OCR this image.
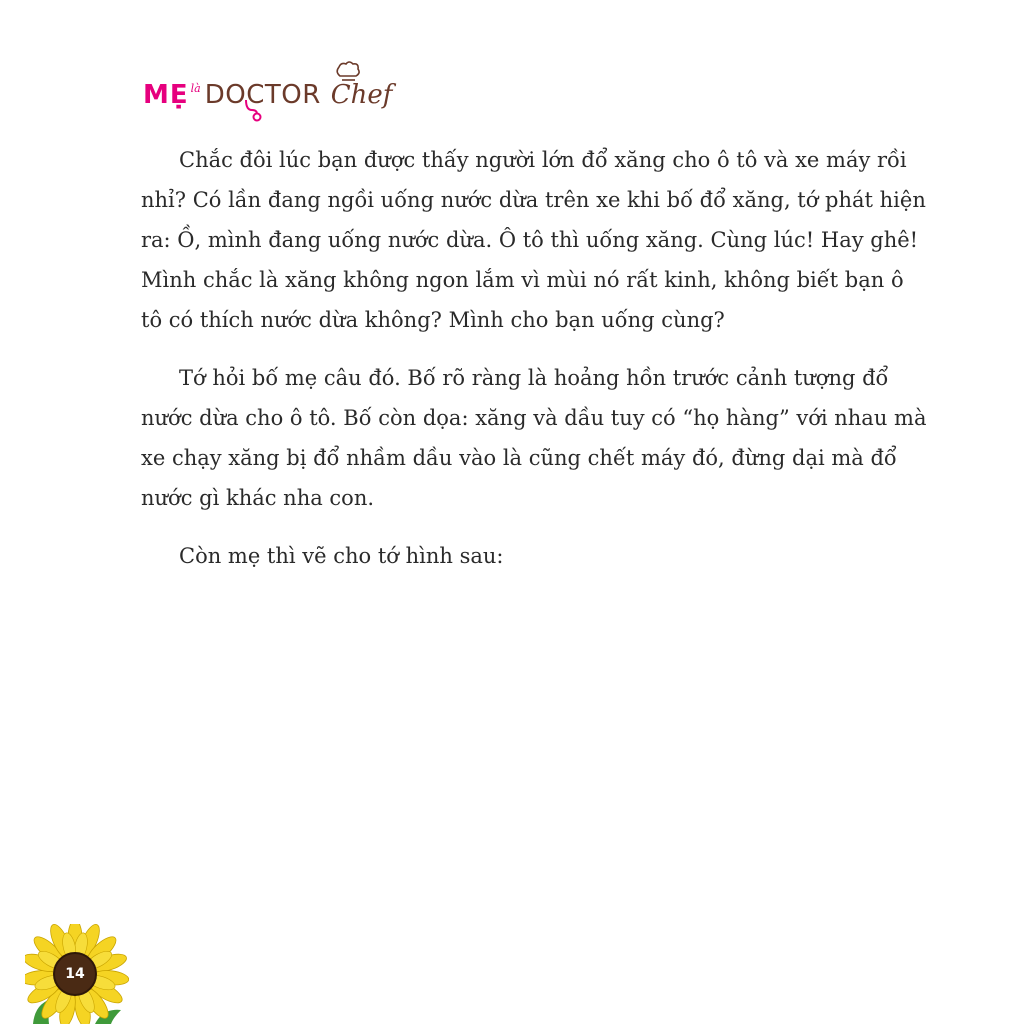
MẸ là DOCTOR Chef

Chắc đôi lúc bạn được thấy người lớn đổ xăng cho ô tô và xe máy rồi
nhỉ? Có lần đang ngồi uống nước dừa trên xe khi bố đổ xăng, tớ phát hiện
ra: Ồ, mình đang uống nước dừa. Ô tô thì uống xăng. Cùng lúc! Hay ghê!
Mình chắc là xăng không ngon lắm vì mùi nó rất kinh, không biết bạn ô
tô có thích nước dừa không? Mình cho bạn uống cùng?

Tớ hỏi bố mẹ câu đó. Bố rõ ràng là hoảng hồn trước cảnh tượng đổ
nước dừa cho ô tô. Bố còn dọa: xăng và dầu tuy có “họ hàng” với nhau mà
xe chạy xăng bị đổ nhầm dầu vào là cũng chết máy đó, đừng dại mà đổ
nước gì khác nha con.

Còn mẹ thì vẽ cho tớ hình sau:

14
